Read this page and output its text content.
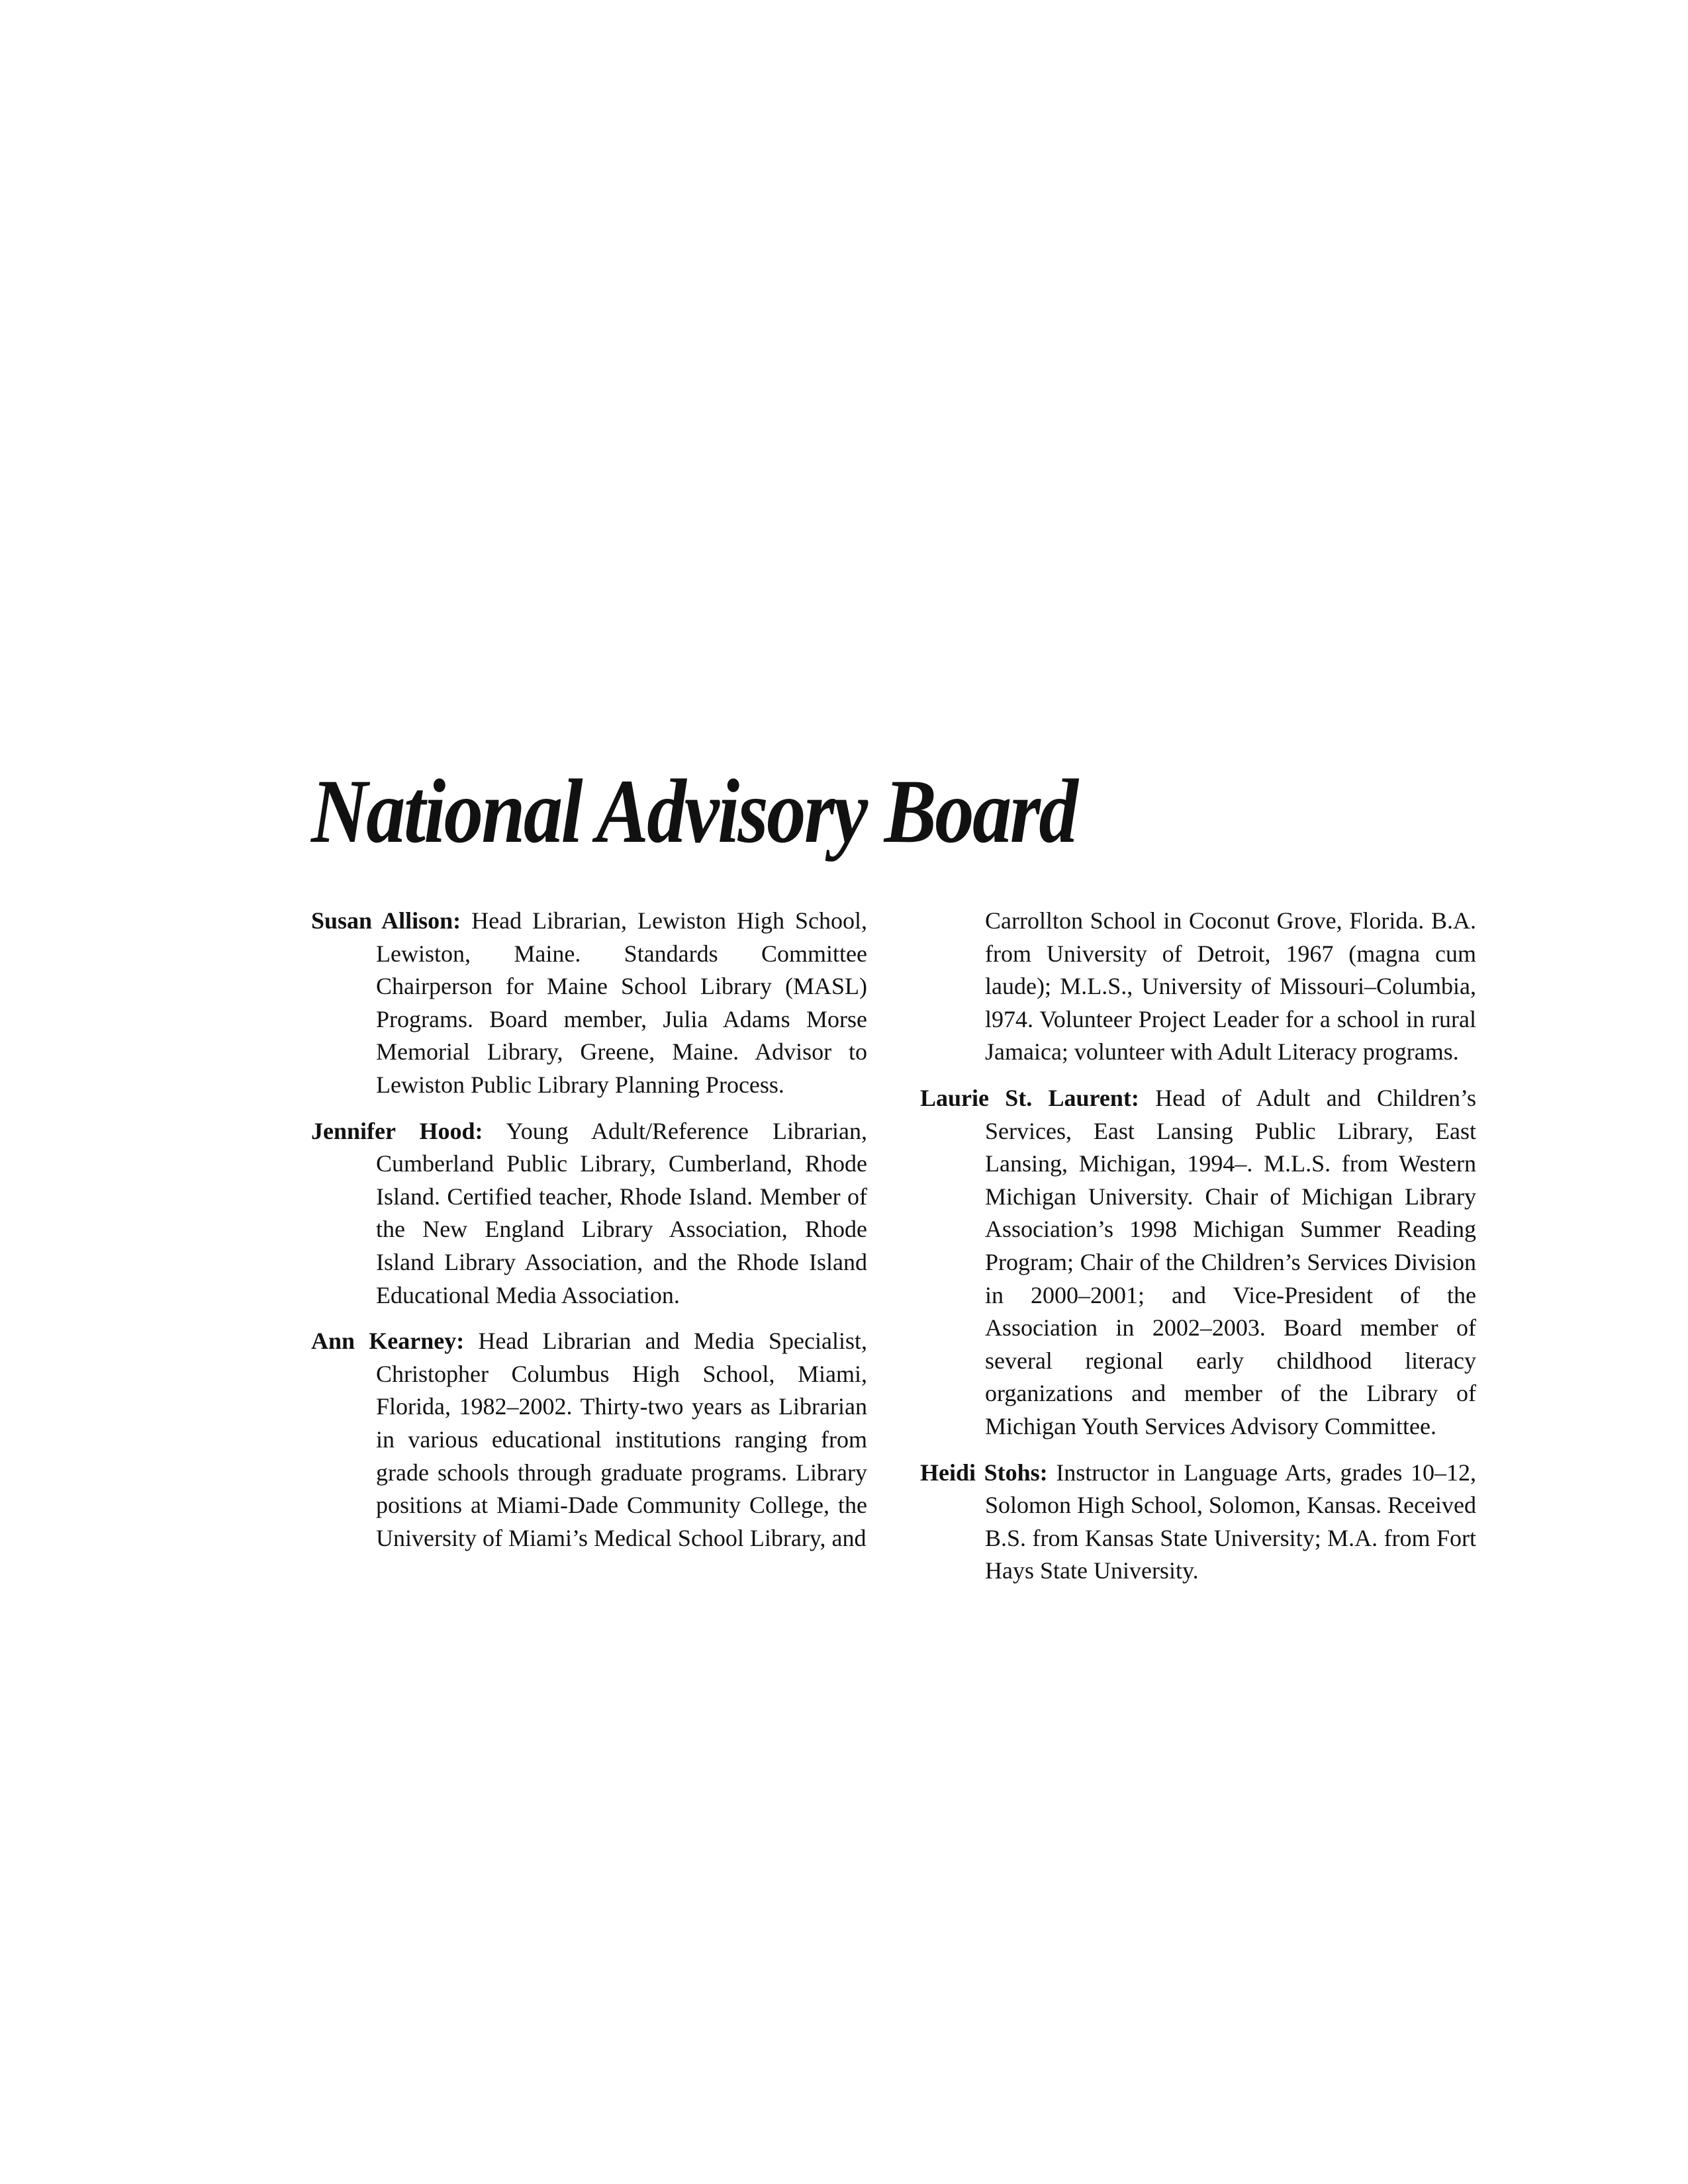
National Advisory Board

Susan Allison: Head Librarian, Lewiston High School, Lewiston, Maine. Standards Committee Chairperson for Maine School Library (MASL) Programs. Board member, Julia Adams Morse Memorial Library, Greene, Maine. Advisor to Lewiston Public Library Planning Process.

Jennifer Hood: Young Adult/Reference Librarian, Cumberland Public Library, Cumberland, Rhode Island. Certified teacher, Rhode Island. Member of the New England Library Association, Rhode Island Library Association, and the Rhode Island Educational Media Association.

Ann Kearney: Head Librarian and Media Specialist, Christopher Columbus High School, Miami, Florida, 1982–2002. Thirty-two years as Librarian in various educational institutions ranging from grade schools through graduate programs. Library positions at Miami-Dade Community College, the University of Miami’s Medical School Library, and

Carrollton School in Coconut Grove, Florida. B.A. from University of Detroit, 1967 (magna cum laude); M.L.S., University of Missouri–Columbia, l974. Volunteer Project Leader for a school in rural Jamaica; volunteer with Adult Literacy programs.

Laurie St. Laurent: Head of Adult and Children’s Services, East Lansing Public Library, East Lansing, Michigan, 1994–. M.L.S. from Western Michigan University. Chair of Michigan Library Association’s 1998 Michigan Summer Reading Program; Chair of the Children’s Services Division in 2000–2001; and Vice-President of the Association in 2002–2003. Board member of several regional early childhood literacy organizations and member of the Library of Michigan Youth Services Advisory Committee.

Heidi Stohs: Instructor in Language Arts, grades 10–12, Solomon High School, Solomon, Kansas. Received B.S. from Kansas State University; M.A. from Fort Hays State University.
